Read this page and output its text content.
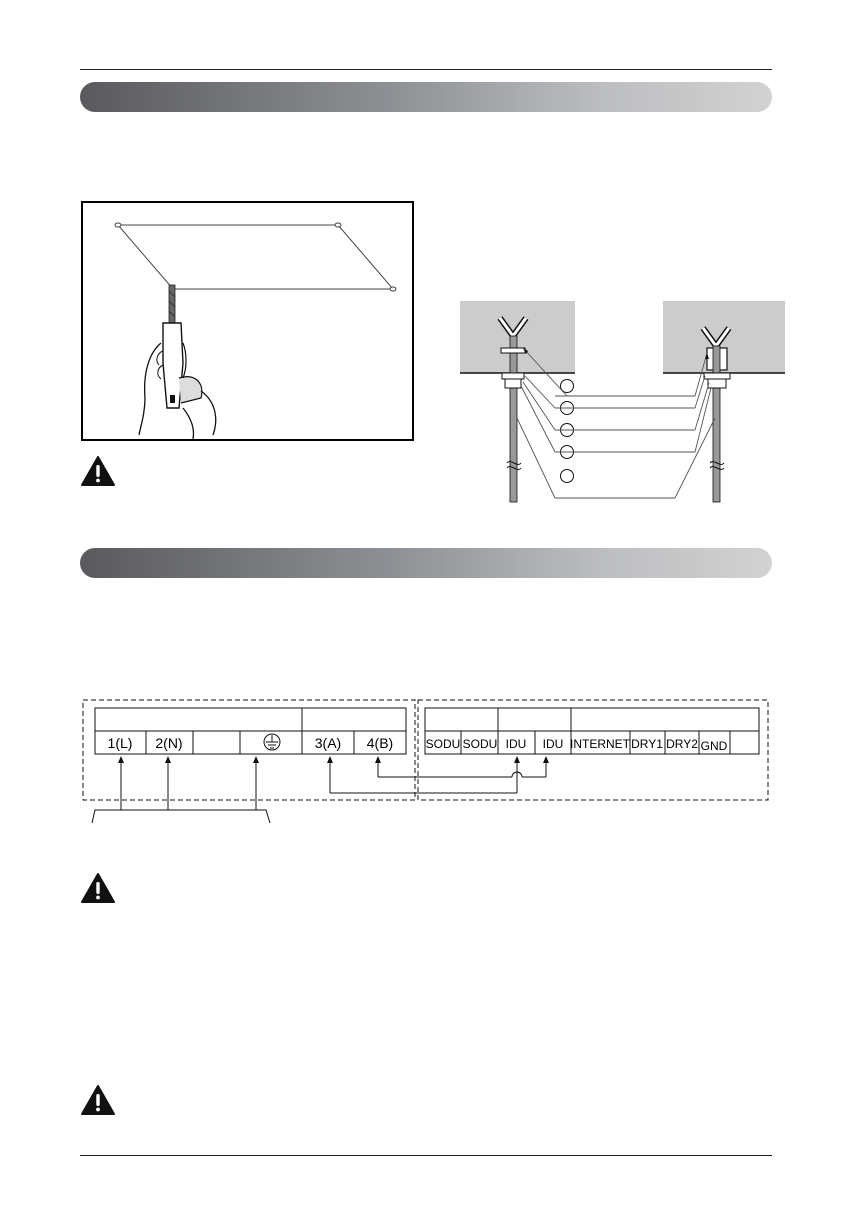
1(L) 2(N)	3(A) 4(B)	SODU SODU IDU IDU INTERNET DRY1 DRY2 GND
